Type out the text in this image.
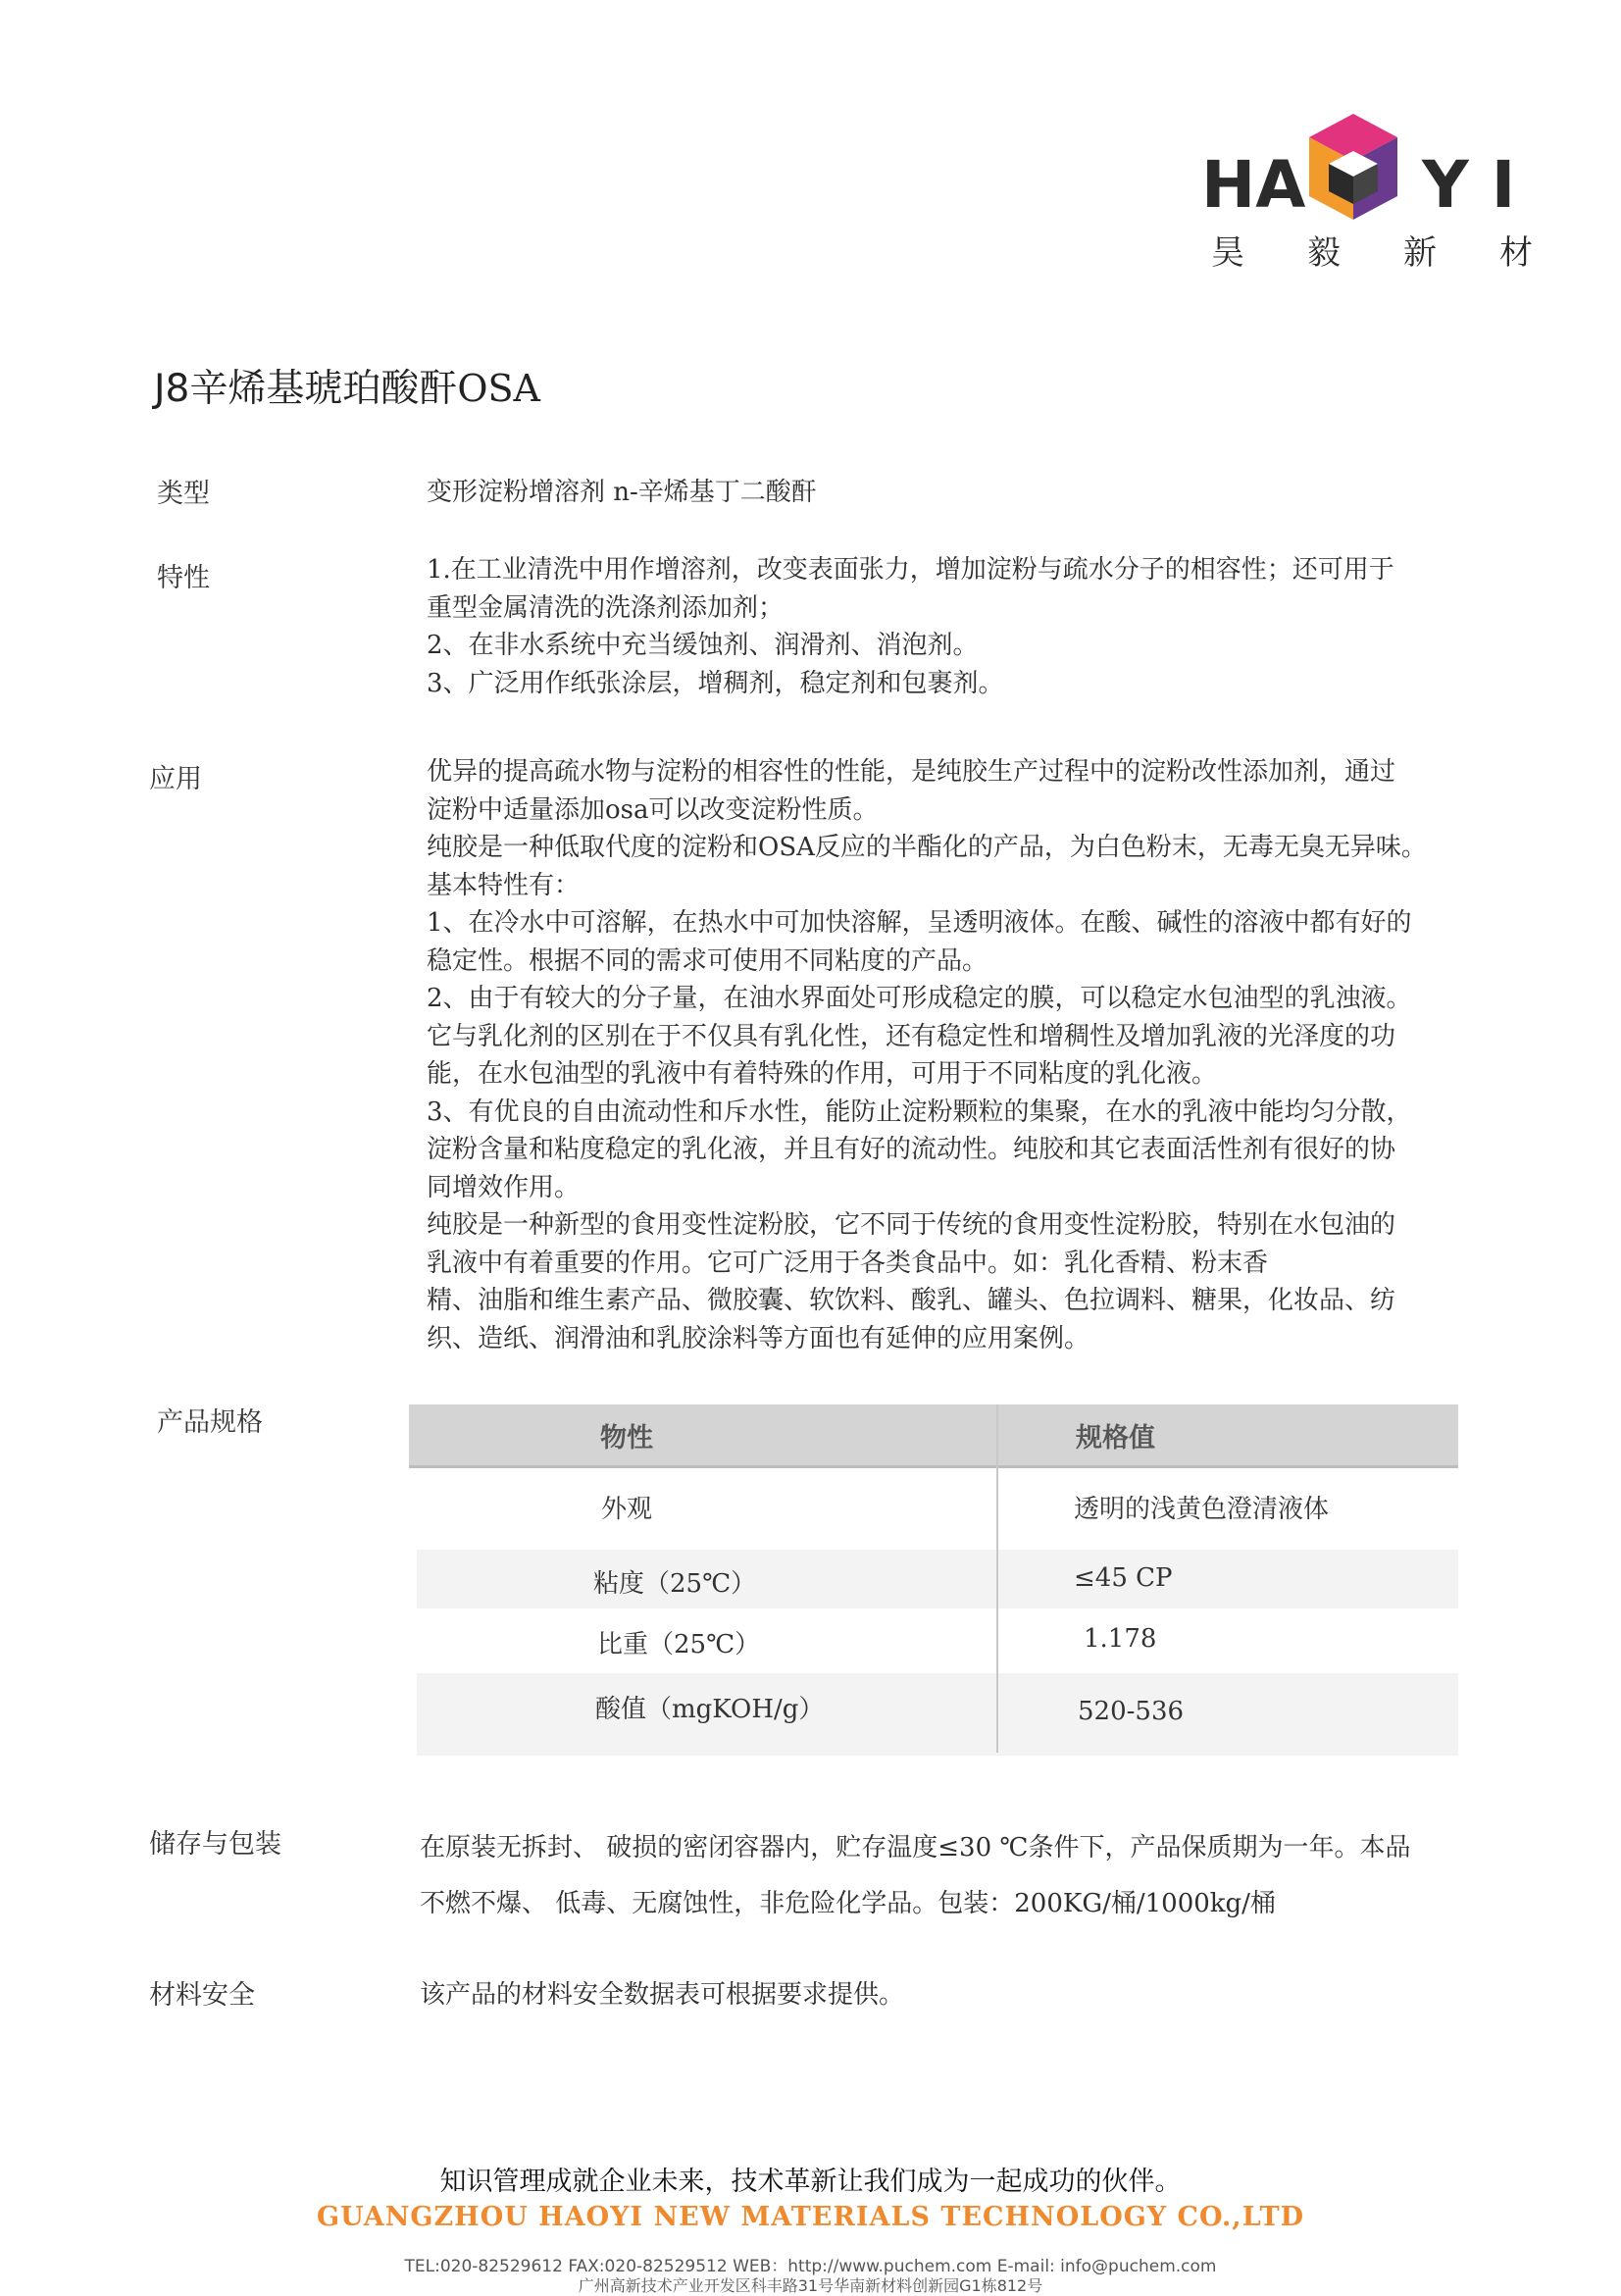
HA Y I
昊 毅 新 材
J8辛烯基琥珀酸酐OSA
类型	变形淀粉增溶剂 n-辛烯基丁二酸酐
特性	1.在工业清洗中用作增溶剂，改变表面张力，增加淀粉与疏水分子的相容性；还可用于

重型金属清洗的洗涤剂添加剂；

2、在非水系统中充当缓蚀剂、润滑剂、消泡剂。

3、广泛用作纸张涂层，增稠剂，稳定剂和包裹剂。

应用	优异的提高疏水物与淀粉的相容性的性能，是纯胶生产过程中的淀粉改性添加剂，通过

淀粉中适量添加osa可以改变淀粉性质。

纯胶是一种低取代度的淀粉和OSA反应的半酯化的产品，为白色粉末，无毒无臭无异味。

基本特性有：

1、在冷水中可溶解，在热水中可加快溶解，呈透明液体。在酸、碱性的溶液中都有好的

稳定性。根据不同的需求可使用不同粘度的产品。

2、由于有较大的分子量，在油水界面处可形成稳定的膜，可以稳定水包油型的乳浊液。

它与乳化剂的区别在于不仅具有乳化性，还有稳定性和增稠性及增加乳液的光泽度的功

能，在水包油型的乳液中有着特殊的作用，可用于不同粘度的乳化液。

3、有优良的自由流动性和斥水性，能防止淀粉颗粒的集聚，在水的乳液中能均匀分散，

淀粉含量和粘度稳定的乳化液，并且有好的流动性。纯胶和其它表面活性剂有很好的协

同增效作用。

纯胶是一种新型的食用变性淀粉胶，它不同于传统的食用变性淀粉胶，特别在水包油的

乳液中有着重要的作用。它可广泛用于各类食品中。如：乳化香精、粉末香

精、油脂和维生素产品、微胶囊、软饮料、酸乳、罐头、色拉调料、糖果，化妆品、纺

织、造纸、润滑油和乳胶涂料等方面也有延伸的应用案例。

产品规格
物性	规格值
外观	透明的浅黄色澄清液体
粘度（25℃）	≤45 CP
比重（25℃）	1.178
酸值（mgKOH/g）	520-536
储存与包装	在原装无拆封、 破损的密闭容器内，贮存温度≤30 ℃条件下，产品保质期为一年。本品

不燃不爆、 低毒、无腐蚀性，非危险化学品。包装：200KG/桶/1000kg/桶

材料安全	该产品的材料安全数据表可根据要求提供。
知识管理成就企业未来，技术革新让我们成为一起成功的伙伴。
GUANGZHOU HAOYI NEW MATERIALS TECHNOLOGY CO.,LTD
TEL:020-82529612 FAX:020-82529512 WEB：http://www.puchem.com E-mail: info@puchem.com
广州高新技术产业开发区科丰路31号华南新材料创新园G1栋812号
